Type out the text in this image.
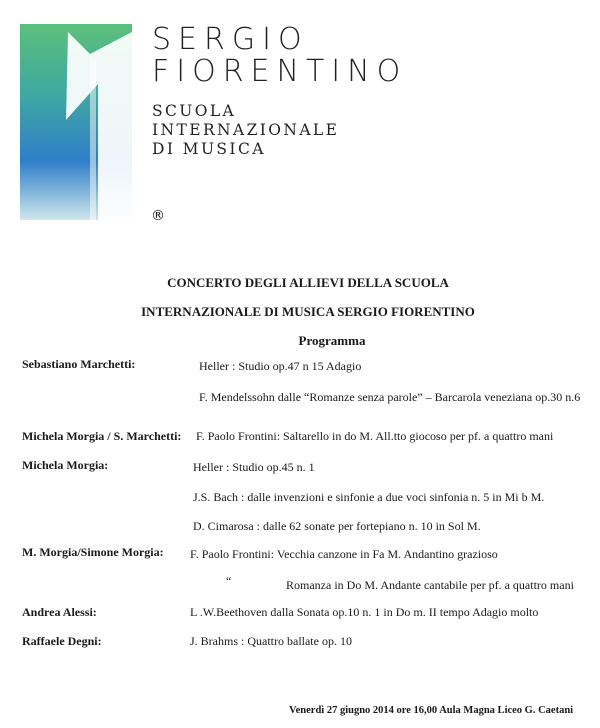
SERGIO

FIORENTINO

SCUOLA

INTERNAZIONALE

DI MUSICA

®

CONCERTO DEGLI ALLIEVI DELLA SCUOLA

INTERNAZIONALE DI MUSICA SERGIO FIORENTINO

Programma

Sebastiano Marchetti:	Heller : Studio op.47 n 15 Adagio

F. Mendelssohn dalle “Romanze senza parole” – Barcarola veneziana op.30 n.6

Michela Morgia / S. Marchetti: F. Paolo Frontini: Saltarello in do M. All.tto giocoso per pf. a quattro mani

Michela Morgia:	Heller : Studio op.45 n. 1

J.S. Bach : dalle invenzioni e sinfonie a due voci sinfonia n. 5 in Mi b M.

D. Cimarosa : dalle 62 sonate per fortepiano n. 10 in Sol M.

M. Morgia/Simone Morgia: F. Paolo Frontini: Vecchia canzone in Fa M. Andantino grazioso

“	Romanza in Do M. Andante cantabile per pf. a quattro mani

Andrea Alessi:	L .W.Beethoven dalla Sonata op.10 n. 1 in Do m. II tempo Adagio molto

Raffaele Degni:	J. Brahms : Quattro ballate op. 10

Venerdì 27 giugno 2014 ore 16,00 Aula Magna Liceo G. Caetani
